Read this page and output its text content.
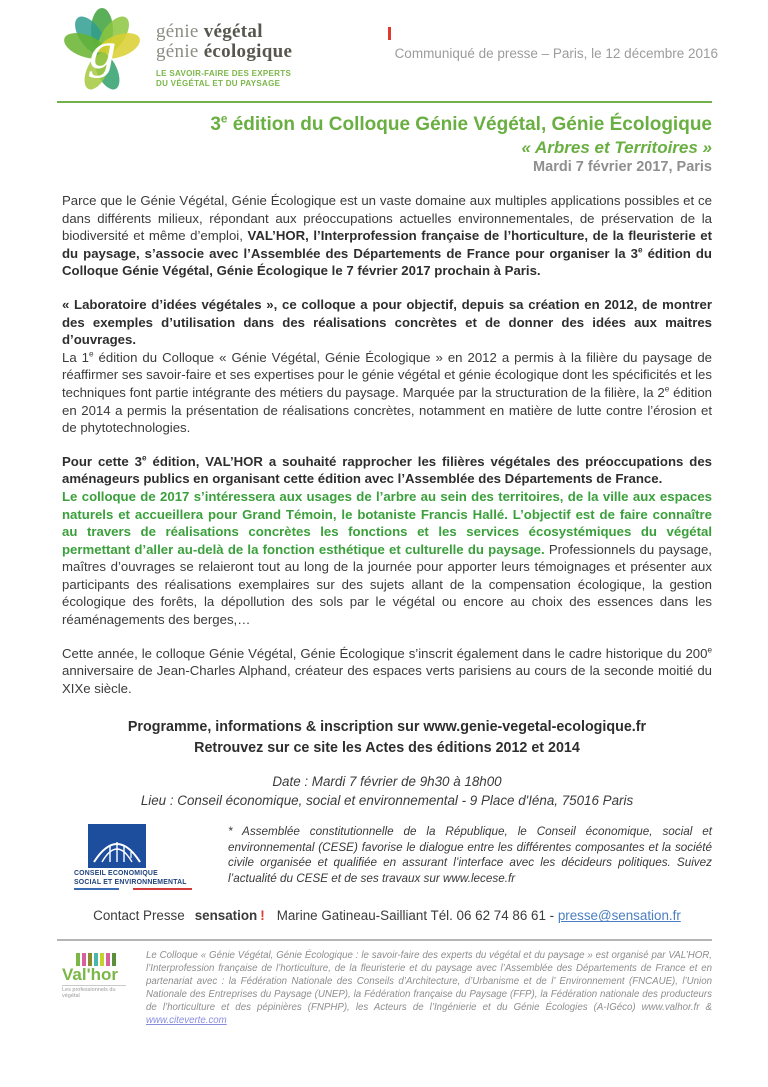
g génie végétal
génie écologique
LE SAVOIR-FAIRE DES EXPERTS
DU VÉGÉTAL ET DU PAYSAGE
Communiqué de presse – Paris, le 12 décembre 2016
3e édition du Colloque Génie Végétal, Génie Écologique
« Arbres et Territoires »
Mardi 7 février 2017, Paris

Parce que le Génie Végétal, Génie Écologique est un vaste domaine aux multiples applications possibles et ce dans différents milieux, répondant aux préoccupations actuelles environnementales, de préservation de la biodiversité et même d’emploi, VAL’HOR, l’Interprofession française de l’horticulture, de la fleuristerie et du paysage, s’associe avec l’Assemblée des Départements de France pour organiser la 3e édition du Colloque Génie Végétal, Génie Écologique le 7 février 2017 prochain à Paris.

« Laboratoire d’idées végétales », ce colloque a pour objectif, depuis sa création en 2012, de montrer des exemples d’utilisation dans des réalisations concrètes et de donner des idées aux maitres d’ouvrages.

La 1e édition du Colloque « Génie Végétal, Génie Écologique » en 2012 a permis à la filière du paysage de réaffirmer ses savoir-faire et ses expertises pour le génie végétal et génie écologique dont les spécificités et les techniques font partie intégrante des métiers du paysage. Marquée par la structuration de la filière, la 2e édition en 2014 a permis la présentation de réalisations concrètes, notamment en matière de lutte contre l’érosion et de phytotechnologies.

Pour cette 3e édition, VAL’HOR a souhaité rapprocher les filières végétales des préoccupations des aménageurs publics en organisant cette édition avec l’Assemblée des Départements de France.

Le colloque de 2017 s’intéressera aux usages de l’arbre au sein des territoires, de la ville aux espaces naturels et accueillera pour Grand Témoin, le botaniste Francis Hallé. L’objectif est de faire connaître au travers de réalisations concrètes les fonctions et les services écosystémiques du végétal permettant d’aller au-delà de la fonction esthétique et culturelle du paysage. Professionnels du paysage, maîtres d’ouvrages se relaieront tout au long de la journée pour apporter leurs témoignages et présenter aux participants des réalisations exemplaires sur des sujets allant de la compensation écologique, la gestion écologique des forêts, la dépollution des sols par le végétal ou encore au choix des essences dans les réaménagements des berges,…

Cette année, le colloque Génie Végétal, Génie Écologique s’inscrit également dans le cadre historique du 200e anniversaire de Jean-Charles Alphand, créateur des espaces verts parisiens au cours de la seconde moitié du XIXe siècle.

Programme, informations & inscription sur www.genie-vegetal-ecologique.fr
Retrouvez sur ce site les Actes des éditions 2012 et 2014
Date : Mardi 7 février de 9h30 à 18h00
Lieu : Conseil économique, social et environnemental - 9 Place d'Iéna, 75016 Paris
CONSEIL ECONOMIQUE
SOCIAL ET ENVIRONNEMENTAL
* Assemblée constitutionnelle de la République, le Conseil économique, social et environnemental (CESE) favorise le dialogue entre les différentes composantes et la société civile organisée et qualifiée en assurant l’interface avec les décideurs politiques. Suivez l’actualité du CESE et de ses travaux sur www.lecese.fr
Contact Presse sensation ! Marine Gatineau-Sailliant Tél. 06 62 74 86 61 - presse@sensation.fr
Val'hor
Les professionnels du végétal
Le Colloque « Génie Végétal, Génie Écologique : le savoir-faire des experts du végétal et du paysage » est organisé par VAL’HOR, l’Interprofession française de l’horticulture, de la fleuristerie et du paysage avec l’Assemblée des Départements de France et en partenariat avec : la Fédération Nationale des Conseils d’Architecture, d’Urbanisme et de l’ Environnement (FNCAUE), l’Union Nationale des Entreprises du Paysage (UNEP), la Fédération française du Paysage (FFP), la Fédération nationale des producteurs de l’horticulture et des pépinières (FNPHP), les Acteurs de l’Ingénierie et du Génie Écologies (A-IGéco) www.valhor.fr & www.citeverte.com
